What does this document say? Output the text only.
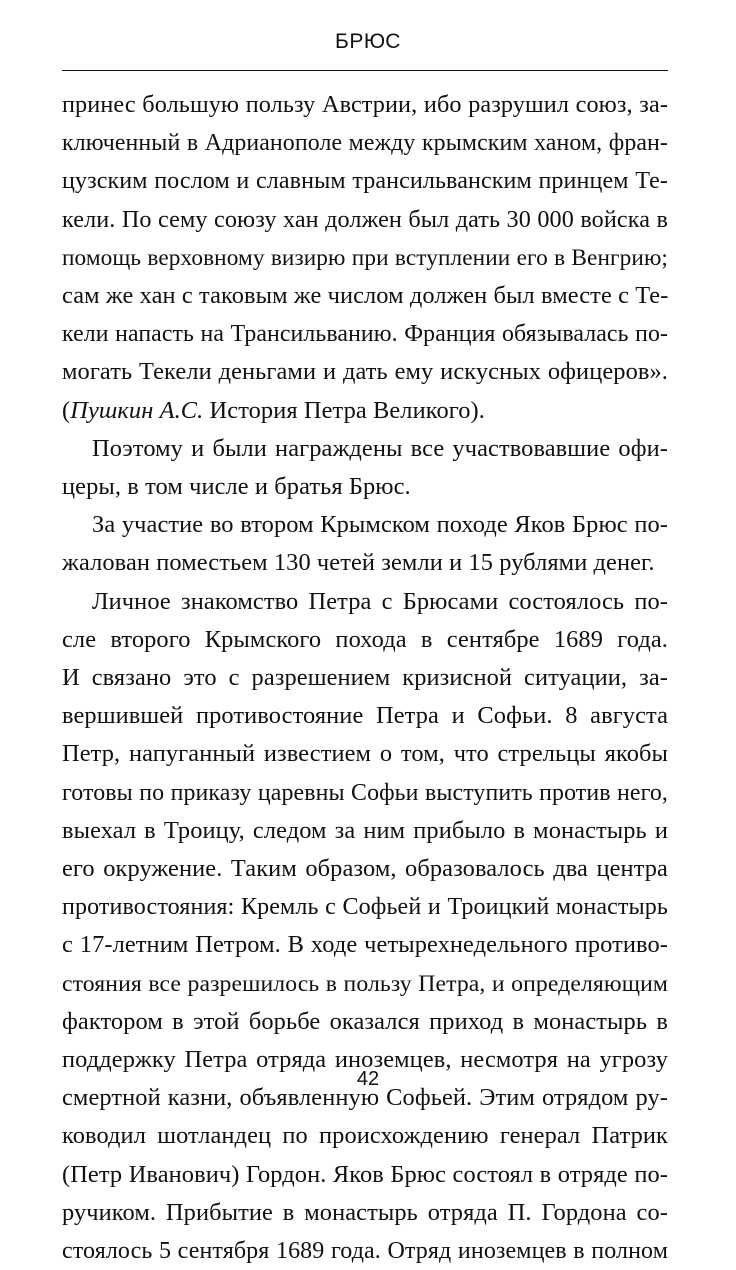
БРЮС
принес большую пользу Австрии, ибо разрушил союз, за-
ключенный в Адрианополе между крымским ханом, фран-
цузским послом и славным трансильванским принцем Те-
кели. По сему союзу хан должен был дать 30 000 войска в
помощь верховному визирю при вступлении его в Венгрию;
сам же хан с таковым же числом должен был вместе с Те-
кели напасть на Трансильванию. Франция обязывалась по-
могать Текели деньгами и дать ему искусных офицеров».
(Пушкин А.С. История Петра Великого).
Поэтому и были награждены все участвовавшие офи-
церы, в том числе и братья Брюс.
За участие во втором Крымском походе Яков Брюс по-
жалован поместьем 130 четей земли и 15 рублями денег.
Личное знакомство Петра с Брюсами состоялось по-
сле второго Крымского похода в сентябре 1689 года.
И связано это с разрешением кризисной ситуации, за-
вершившей противостояние Петра и Софьи. 8 августа
Петр, напуганный известием о том, что стрельцы якобы
готовы по приказу царевны Софьи выступить против него,
выехал в Троицу, следом за ним прибыло в монастырь и
его окружение. Таким образом, образовалось два центра
противостояния: Кремль с Софьей и Троицкий монастырь
с 17-летним Петром. В ходе четырехнедельного противо-
стояния все разрешилось в пользу Петра, и определяющим
фактором в этой борьбе оказался приход в монастырь в
поддержку Петра отряда иноземцев, несмотря на угрозу
смертной казни, объявленную Софьей. Этим отрядом ру-
ководил шотландец по происхождению генерал Патрик
(Петр Иванович) Гордон. Яков Брюс состоял в отряде по-
ручиком. Прибытие в монастырь отряда П. Гордона со-
стоялось 5 сентября 1689 года. Отряд иноземцев в полном
42
